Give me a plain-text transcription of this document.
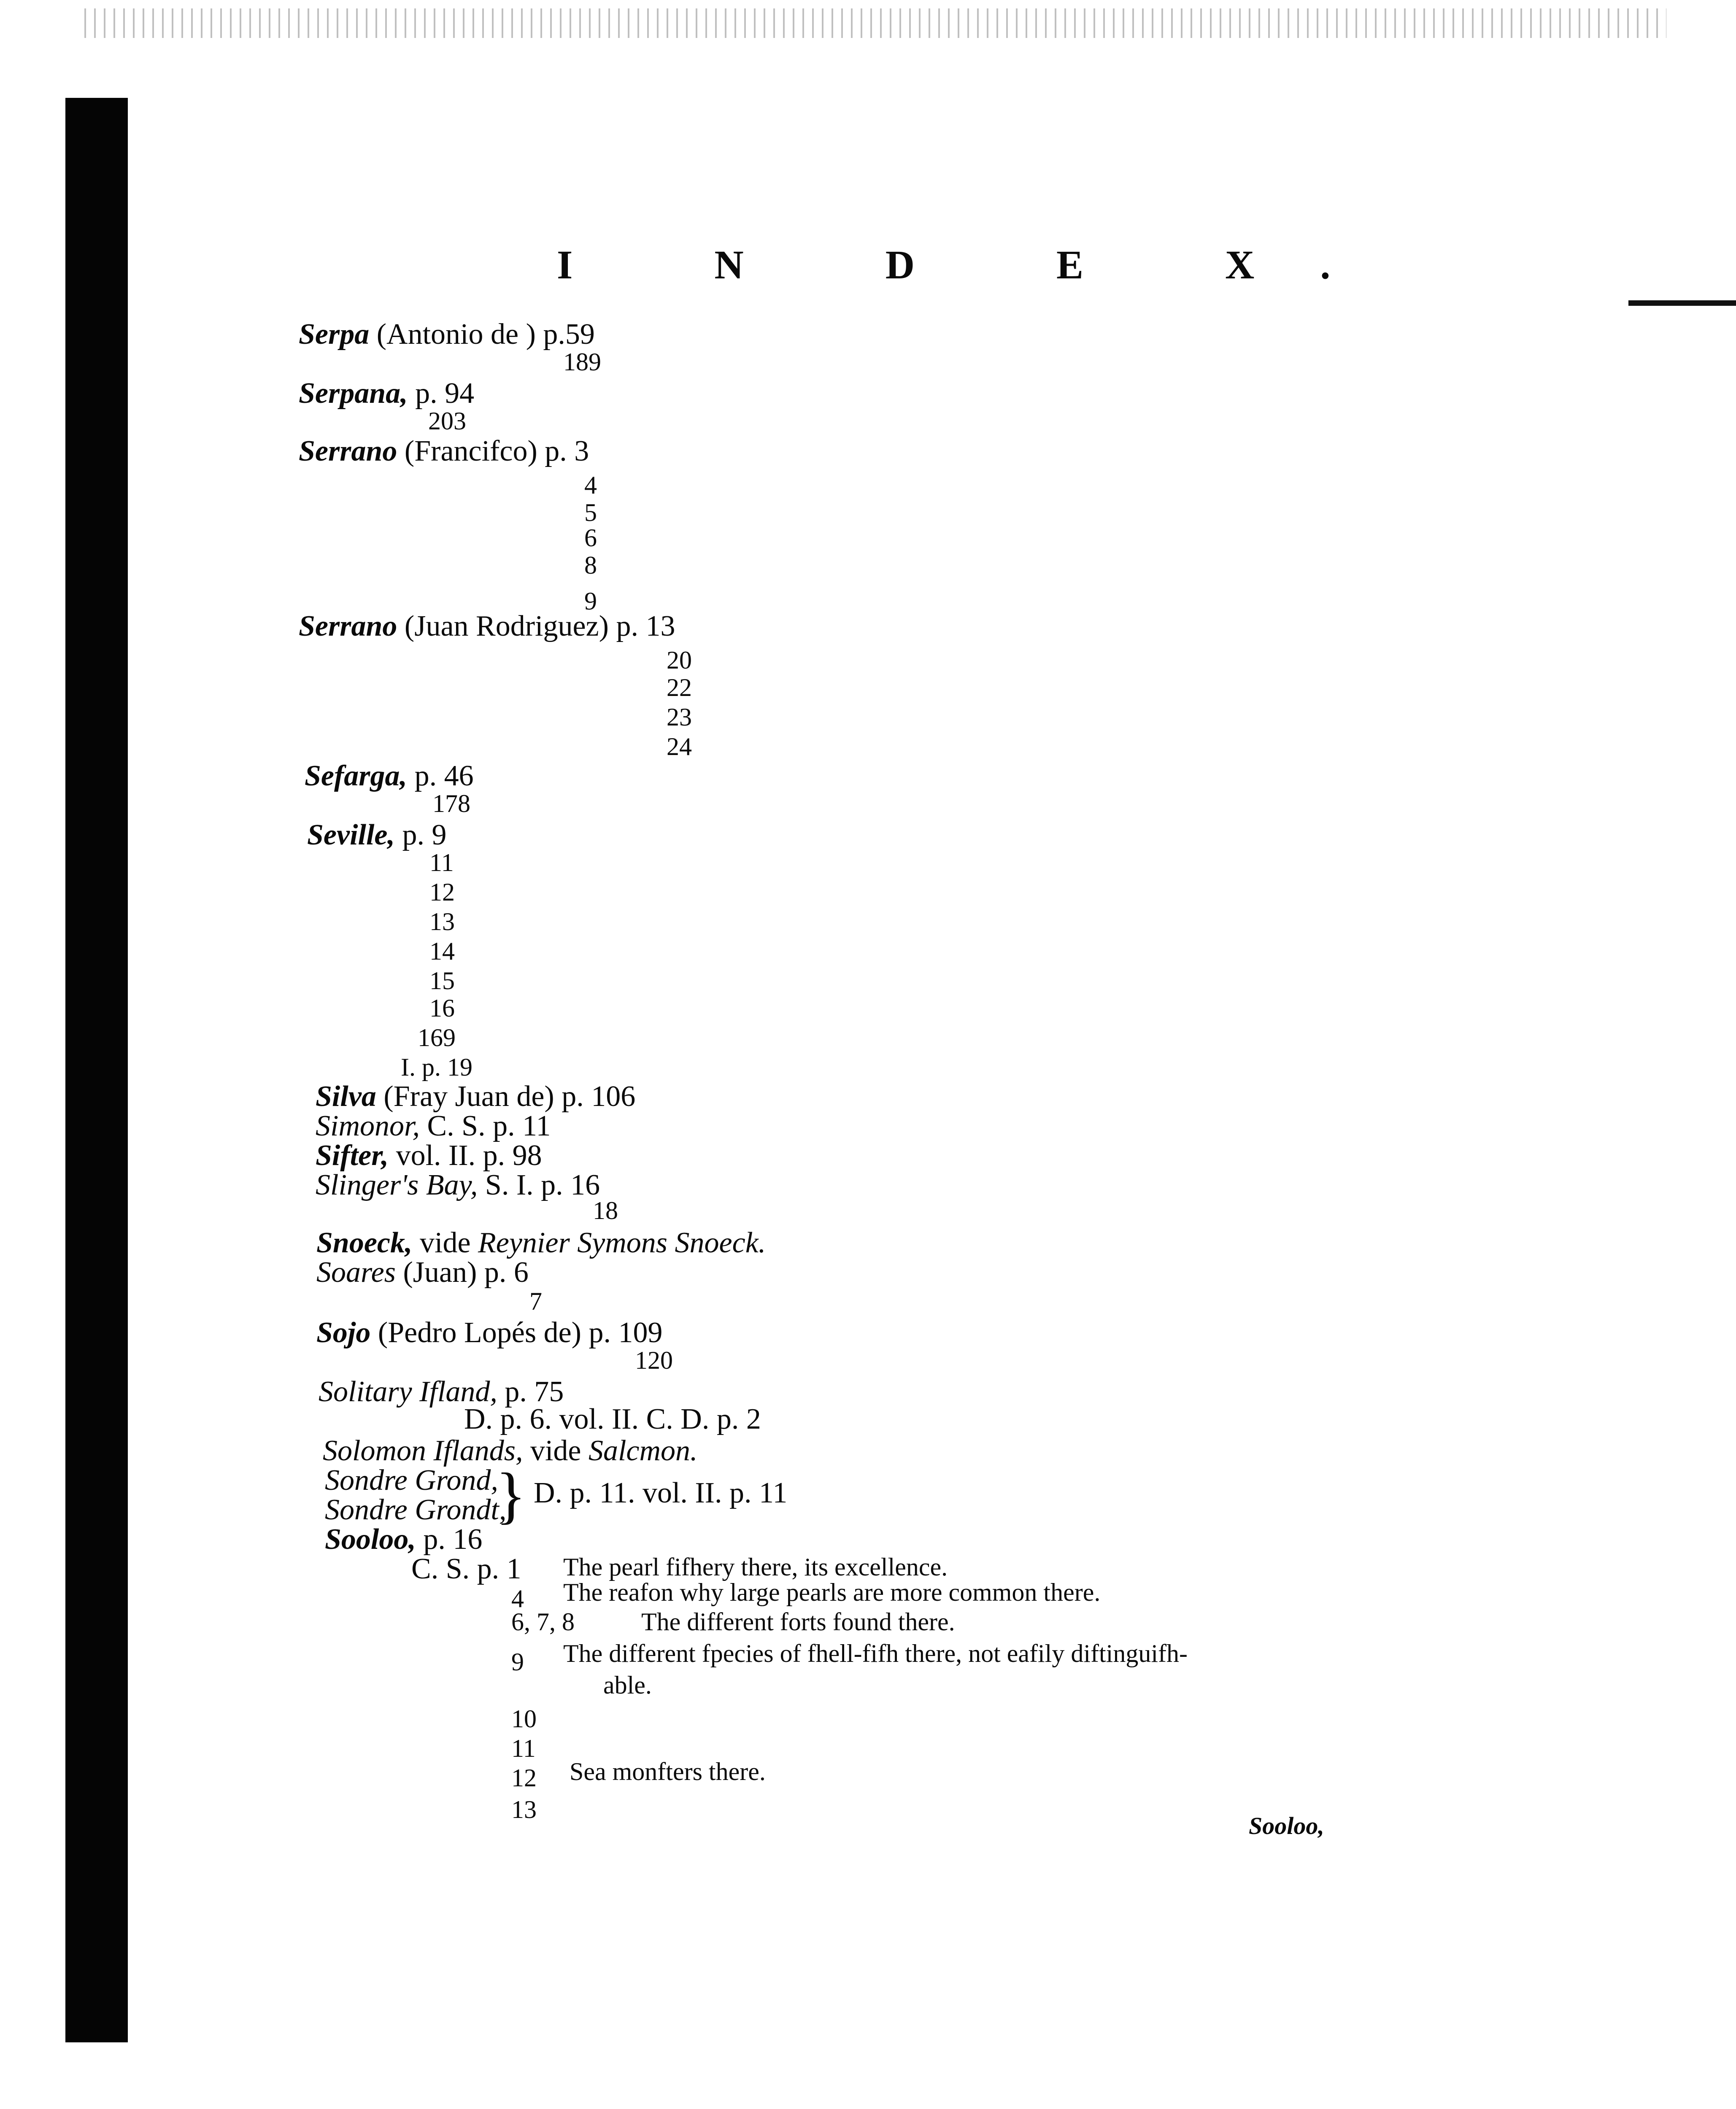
I N D E X.
Serpa (Antonio de ) p.59
189
Serpana, p. 94
203
Serrano (Francifco) p. 3
4
5
6
8
9
Serrano (Juan Rodriguez) p. 13
20
22
23
24
Sefarga, p. 46
178
Seville, p. 9
11
12
13
14
15
16
169
I. p. 19
Silva (Fray Juan de) p. 106
Simonor, C. S. p. 11
Sifter, vol. II. p. 98
Slinger's Bay, S. I. p. 16
18
Snoeck, vide Reynier Symons Snoeck.
Soares (Juan) p. 6
7
Sojo (Pedro Lopés de) p. 109
120
Solitary Ifland, p. 75
D. p. 6. vol. II. C. D. p. 2
Solomon Iflands, vide Salcmon.
Sondre Grond,
Sondre Grondt,
} D. p. 11. vol. II. p. 11
Sooloo, p. 16
C. S. p. 1 The pearl fifhery there, its excellence.
4 The reafon why large pearls are more common there.
6, 7, 8	The different forts found there.
9 The different fpecies of fhell-fifh there, not eafily diftinguifh-
able.
10
11
12 Sea monfters there.
13
Sooloo,
